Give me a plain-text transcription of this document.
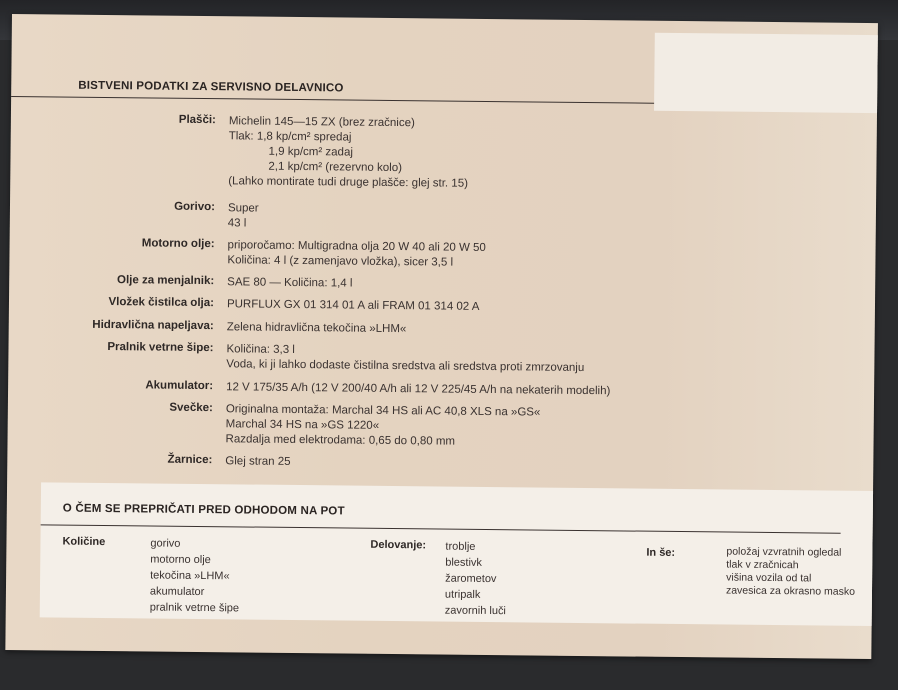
BISTVENI PODATKI ZA SERVISNO DELAVNICO
Plašči: Michelin 145—15 ZX (brez zračnice)
Tlak: 1,8 kp/cm² spredaj
1,9 kp/cm² zadaj
2,1 kp/cm² (rezervno kolo)
(Lahko montirate tudi druge plašče: glej str. 15)
Gorivo: Super
43 l
Motorno olje: priporočamo: Multigradna olja 20 W 40 ali 20 W 50
Količina: 4 l (z zamenjavo vložka), sicer 3,5 l
Olje za menjalnik: SAE 80 — Količina: 1,4 l
Vložek čistilca olja: PURFLUX GX 01 314 01 A ali FRAM 01 314 02 A
Hidravlična napeljava: Zelena hidravlična tekočina »LHM«
Pralnik vetrne šipe: Količina: 3,3 l
Voda, ki ji lahko dodaste čistilna sredstva ali sredstva proti zmrzovanju
Akumulator: 12 V 175/35 A/h (12 V 200/40 A/h ali 12 V 225/45 A/h na nekaterih modelih)
Svečke: Originalna montaža: Marchal 34 HS ali AC 40,8 XLS na »GS«
Marchal 34 HS na »GS 1220«
Razdalja med elektrodama: 0,65 do 0,80 mm
Žarnice: Glej stran 25
O ČEM SE PREPRIČATI PRED ODHODOM NA POT
Količine	gorivo
motorno olje
tekočina »LHM«
akumulator
pralnik vetrne šipe
Delovanje: troblje
blestivk
žarometov
utripalk
zavornih luči
In še:	položaj vzvratnih ogledal
tlak v zračnicah
višina vozila od tal
zavesica za okrasno masko
